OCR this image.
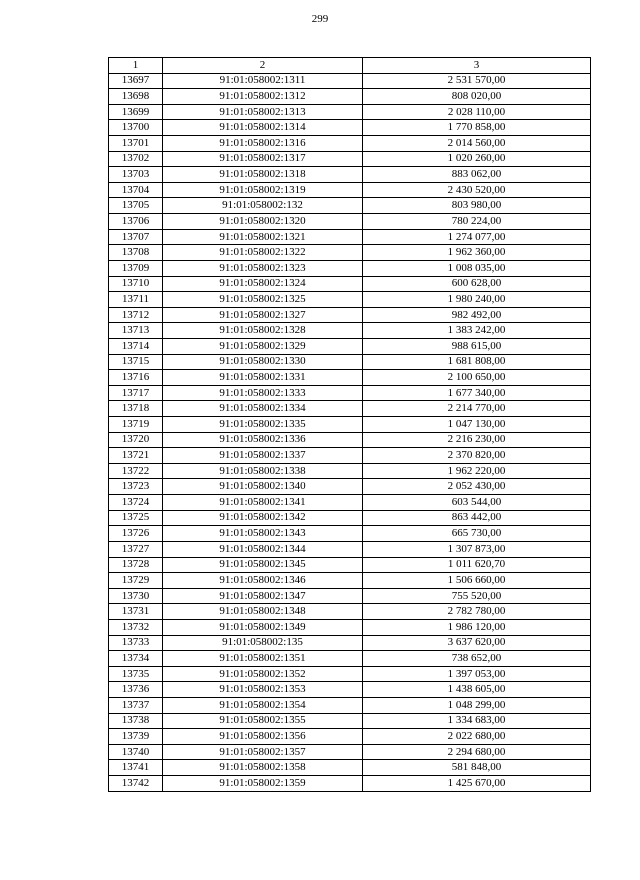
299
1	2	3
13697	91:01:058002:1311	2 531 570,00
13698	91:01:058002:1312	808 020,00
13699	91:01:058002:1313	2 028 110,00
13700	91:01:058002:1314	1 770 858,00
13701	91:01:058002:1316	2 014 560,00
13702	91:01:058002:1317	1 020 260,00
13703	91:01:058002:1318	883 062,00
13704	91:01:058002:1319	2 430 520,00
13705	91:01:058002:132	803 980,00
13706	91:01:058002:1320	780 224,00
13707	91:01:058002:1321	1 274 077,00
13708	91:01:058002:1322	1 962 360,00
13709	91:01:058002:1323	1 008 035,00
13710	91:01:058002:1324	600 628,00
13711	91:01:058002:1325	1 980 240,00
13712	91:01:058002:1327	982 492,00
13713	91:01:058002:1328	1 383 242,00
13714	91:01:058002:1329	988 615,00
13715	91:01:058002:1330	1 681 808,00
13716	91:01:058002:1331	2 100 650,00
13717	91:01:058002:1333	1 677 340,00
13718	91:01:058002:1334	2 214 770,00
13719	91:01:058002:1335	1 047 130,00
13720	91:01:058002:1336	2 216 230,00
13721	91:01:058002:1337	2 370 820,00
13722	91:01:058002:1338	1 962 220,00
13723	91:01:058002:1340	2 052 430,00
13724	91:01:058002:1341	603 544,00
13725	91:01:058002:1342	863 442,00
13726	91:01:058002:1343	665 730,00
13727	91:01:058002:1344	1 307 873,00
13728	91:01:058002:1345	1 011 620,70
13729	91:01:058002:1346	1 506 660,00
13730	91:01:058002:1347	755 520,00
13731	91:01:058002:1348	2 782 780,00
13732	91:01:058002:1349	1 986 120,00
13733	91:01:058002:135	3 637 620,00
13734	91:01:058002:1351	738 652,00
13735	91:01:058002:1352	1 397 053,00
13736	91:01:058002:1353	1 438 605,00
13737	91:01:058002:1354	1 048 299,00
13738	91:01:058002:1355	1 334 683,00
13739	91:01:058002:1356	2 022 680,00
13740	91:01:058002:1357	2 294 680,00
13741	91:01:058002:1358	581 848,00
13742	91:01:058002:1359	1 425 670,00
